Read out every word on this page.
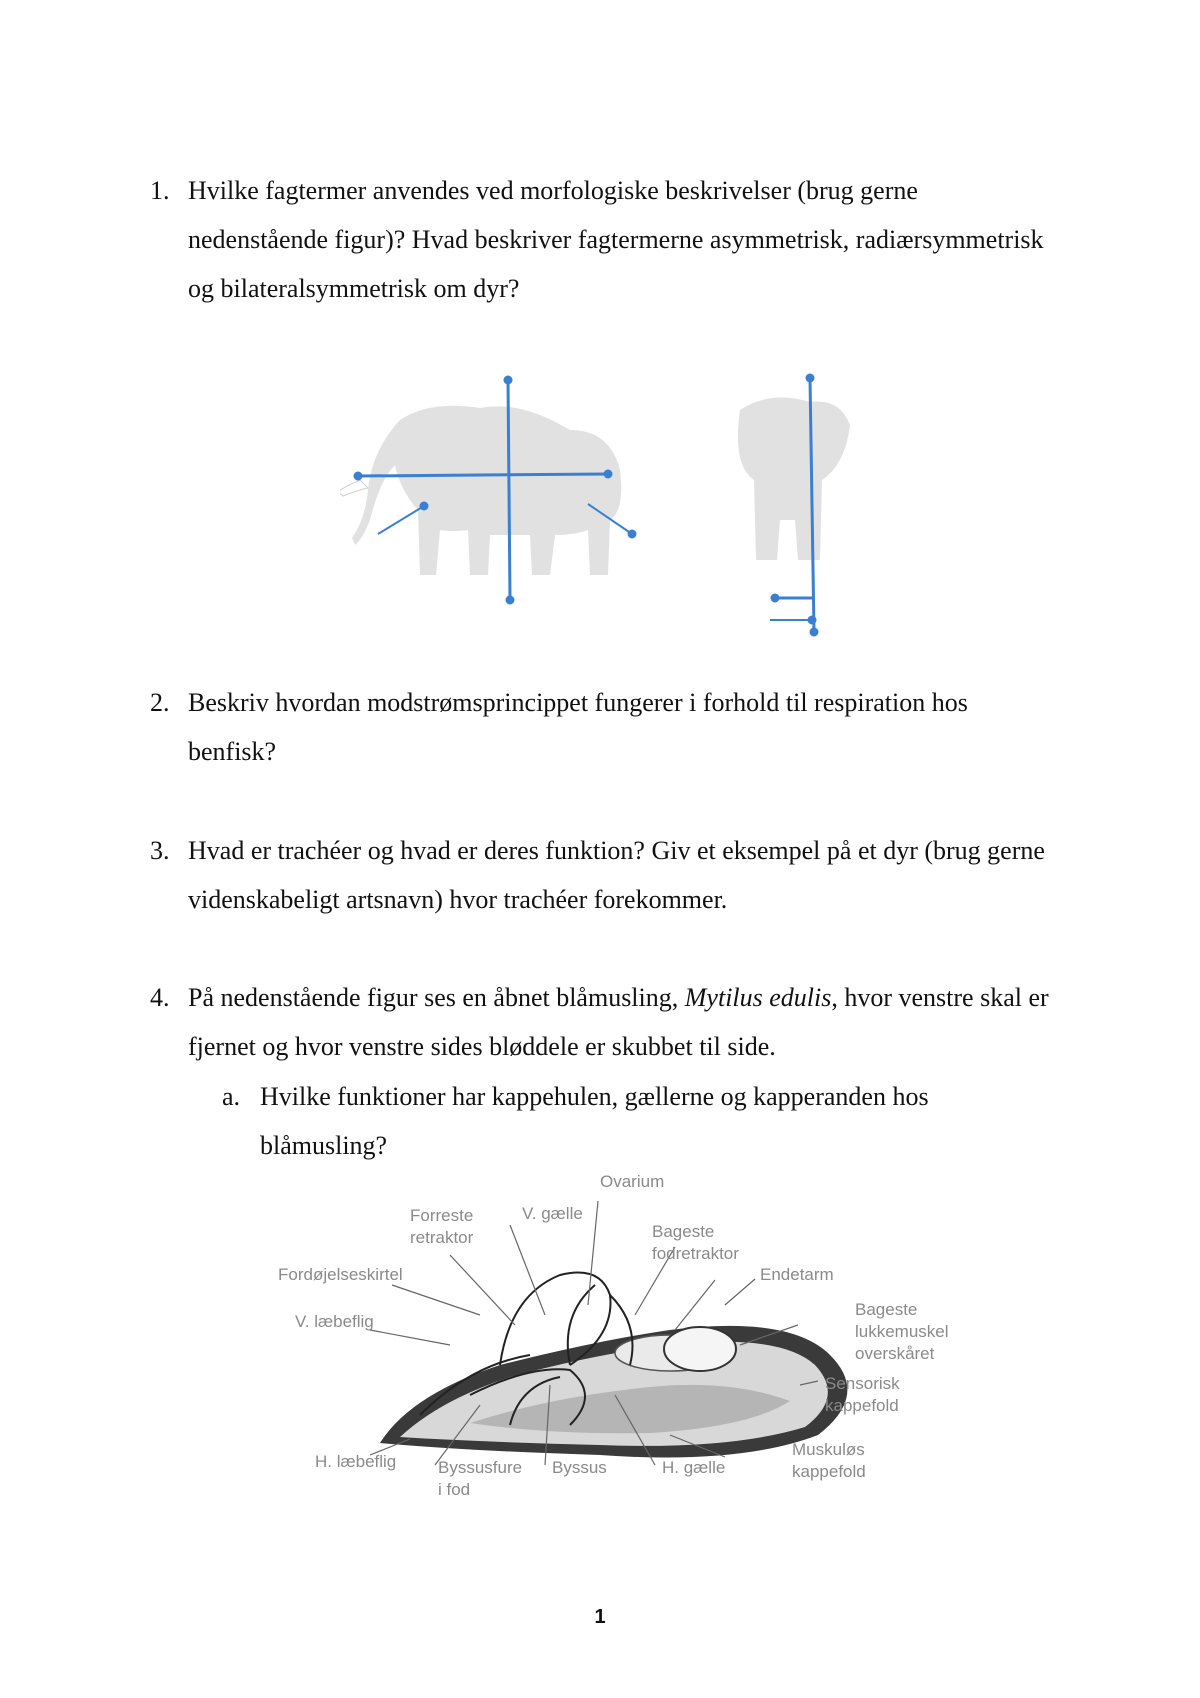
1. Hvilke fagtermer anvendes ved morfologiske beskrivelser (brug gerne nedenstående figur)? Hvad beskriver fagtermerne asymmetrisk, radiærsymmetrisk og bilateralsymmetrisk om dyr?
2. Beskriv hvordan modstrømsprincippet fungerer i forhold til respiration hos benfisk?
3. Hvad er trachéer og hvad er deres funktion? Giv et eksempel på et dyr (brug gerne videnskabeligt artsnavn) hvor trachéer forekommer.
4. På nedenstående figur ses en åbnet blåmusling, Mytilus edulis, hvor venstre skal er fjernet og hvor venstre sides bløddele er skubbet til side.
a. Hvilke funktioner har kappehulen, gællerne og kapperanden hos blåmusling?
Ovarium
Forreste
retraktor
V. gælle
Bageste
fodretraktor
Fordøjelseskirtel	Endetarm
V. læbeflig
Bageste
lukkemuskel
overskåret
Sensorisk
kappefold
H. læbeflig Byssusfure
i fod
Byssus	H. gælle
Muskuløs
kappefold
1
